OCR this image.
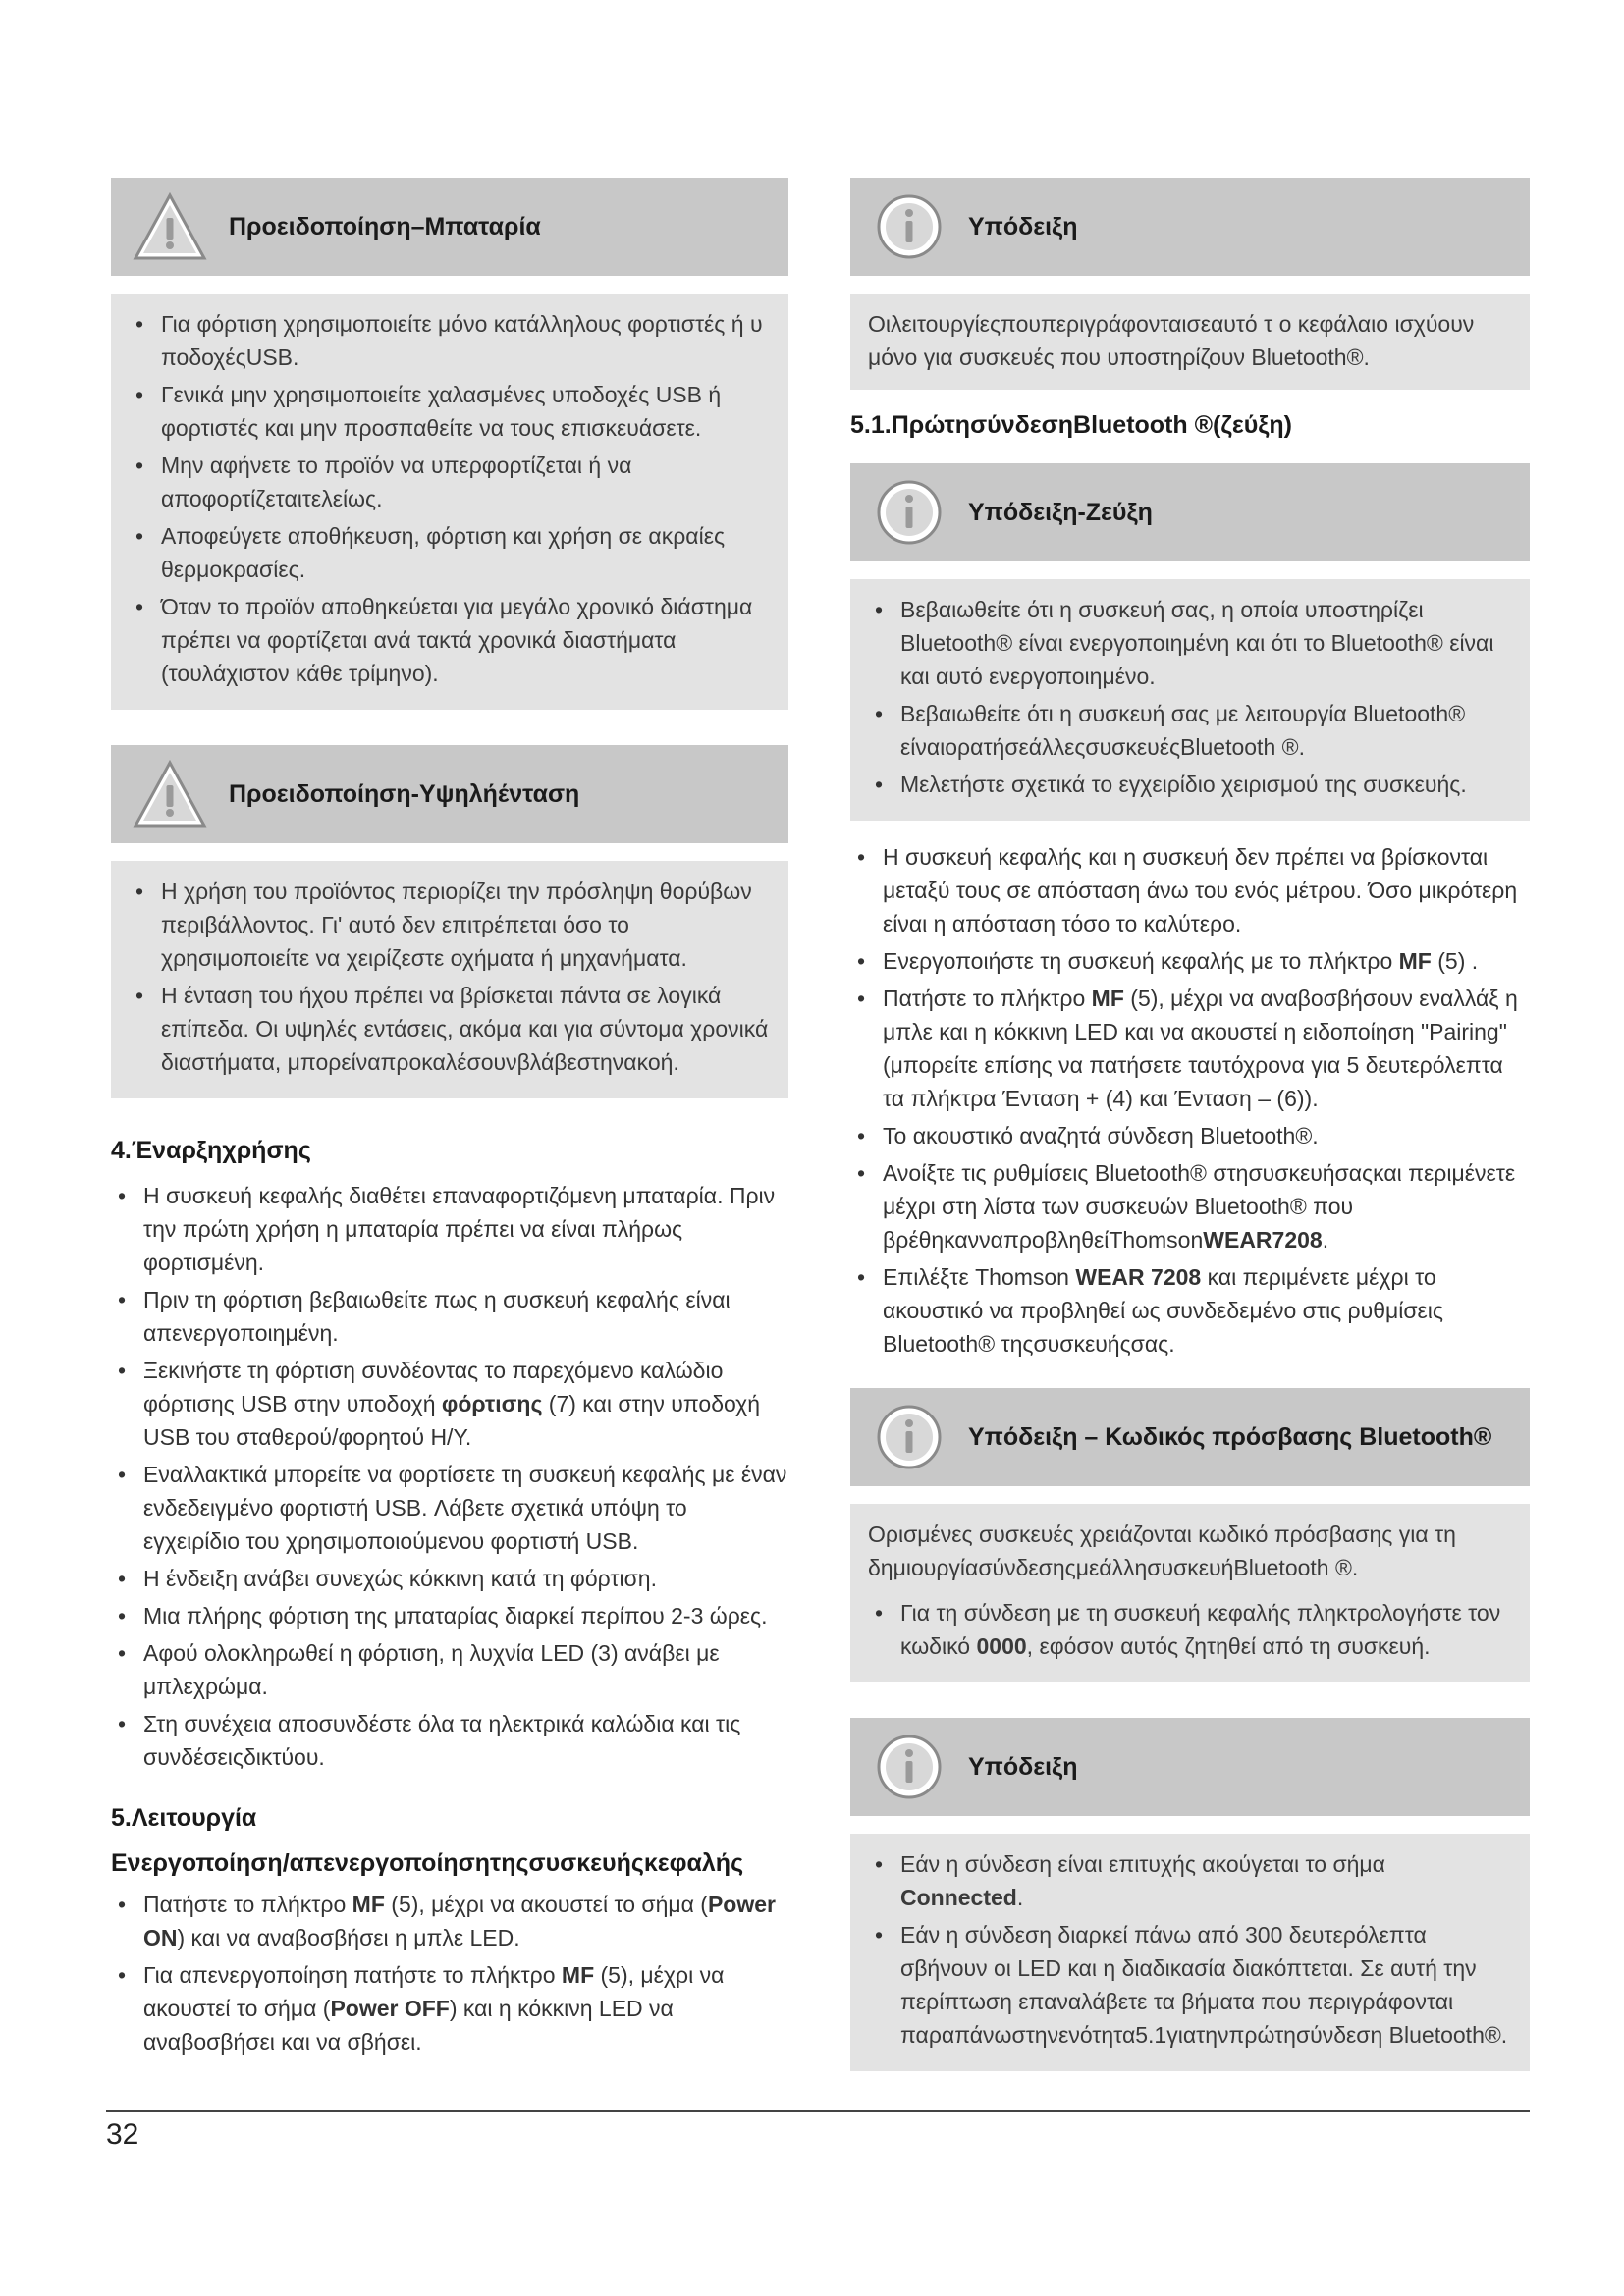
Προειδοποίηση–Μπαταρία
• Για φόρτιση χρησιμοποιείτε μόνο κατάλληλους φορτιστές ή υ ποδοχέςUSB.
• Γενικά μην χρησιμοποιείτε χαλασμένες υποδοχές USB ή φορτιστές και μην προσπαθείτε να τους επισκευάσετε.
• Μην αφήνετε το προϊόν να υπερφορτίζεται ή να αποφορτίζεταιτελείως.
• Αποφεύγετε αποθήκευση, φόρτιση και χρήση σε ακραίες θερμοκρασίες.
• Όταν το προϊόν αποθηκεύεται για μεγάλο χρονικό διάστημα πρέπει να φορτίζεται ανά τακτά χρονικά διαστήματα (τουλάχιστον κάθε τρίμηνο).
Προειδοποίηση-Υψηλήένταση
• Η χρήση του προϊόντος περιορίζει την πρόσληψη θορύβων περιβάλλοντος. Γι' αυτό δεν επιτρέπεται όσο το χρησιμοποιείτε να χειρίζεστε οχήματα ή μηχανήματα.
• Η ένταση του ήχου πρέπει να βρίσκεται πάντα σε λογικά επίπεδα. Οι υψηλές εντάσεις, ακόμα και για σύντομα χρονικά διαστήματα, μπορείναπροκαλέσουνβλάβεστηνακοή.
4.Έναρξηχρήσης
• Η συσκευή κεφαλής διαθέτει επαναφορτιζόμενη μπαταρία. Πριν την πρώτη χρήση η μπαταρία πρέπει να είναι πλήρως φορτισμένη.
• Πριν τη φόρτιση βεβαιωθείτε πως η συσκευή κεφαλής είναι απενεργοποιημένη.
• Ξεκινήστε τη φόρτιση συνδέοντας το παρεχόμενο καλώδιο φόρτισης USB στην υποδοχή φόρτισης (7) και στην υποδοχή USB του σταθερού/φορητού Η/Υ.
• Εναλλακτικά μπορείτε να φορτίσετε τη συσκευή κεφαλής με έναν ενδεδειγμένο φορτιστή USB. Λάβετε σχετικά υπόψη το εγχειρίδιο του χρησιμοποιούμενου φορτιστή USB.
• Η ένδειξη ανάβει συνεχώς κόκκινη κατά τη φόρτιση.
• Μια πλήρης φόρτιση της μπαταρίας διαρκεί περίπου 2-3 ώρες.
• Αφού ολοκληρωθεί η φόρτιση, η λυχνία LED (3) ανάβει με μπλεχρώμα.
• Στη συνέχεια αποσυνδέστε όλα τα ηλεκτρικά καλώδια και τις συνδέσειςδικτύου.
5.Λειτουργία
Ενεργοποίηση/απενεργοποίησητηςσυσκευήςκεφαλής
• Πατήστε το πλήκτρο MF (5), μέχρι να ακουστεί το σήμα (Power ON) και να αναβοσβήσει η μπλε LED.
• Για απενεργοποίηση πατήστε το πλήκτρο MF (5), μέχρι να ακουστεί το σήμα (Power OFF) και η κόκκινη LED να αναβοσβήσει και να σβήσει.
Υπόδειξη

Οιλειτουργίεςπουπεριγράφονταισεαυτό τ ο κεφάλαιο ισχύουν μόνο για συσκευές που υποστηρίζουν Bluetooth®.

5.1.ΠρώτησύνδεσηBluetooth ®(ζεύξη)
Υπόδειξη-Ζεύξη
• Βεβαιωθείτε ότι η συσκευή σας, η οποία υποστηρίζει Bluetooth® είναι ενεργοποιημένη και ότι το Bluetooth® είναι και αυτό ενεργοποιημένο.
• Βεβαιωθείτε ότι η συσκευή σας με λειτουργία Bluetooth® είναιορατήσεάλλεςσυσκευέςBluetooth ®.
• Μελετήστε σχετικά το εγχειρίδιο χειρισμού της συσκευής.
• Η συσκευή κεφαλής και η συσκευή δεν πρέπει να βρίσκονται μεταξύ τους σε απόσταση άνω του ενός μέτρου. Όσο μικρότερη είναι η απόσταση τόσο το καλύτερο.
• Ενεργοποιήστε τη συσκευή κεφαλής με το πλήκτρο MF (5) .
• Πατήστε το πλήκτρο MF (5), μέχρι να αναβοσβήσουν εναλλάξ η μπλε και η κόκκινη LED και να ακουστεί η ειδοποίηση "Pairing" (μπορείτε επίσης να πατήσετε ταυτόχρονα για 5 δευτερόλεπτα τα πλήκτρα Ένταση + (4) και Ένταση – (6)).
• Το ακουστικό αναζητά σύνδεση Bluetooth®.
• Ανοίξτε τις ρυθμίσεις Bluetooth® στησυσκευήσαςκαι περιμένετε μέχρι στη λίστα των συσκευών Bluetooth® που βρέθηκανναπροβληθείThomsonWEAR7208.
• Επιλέξτε Thomson WEAR 7208 και περιμένετε μέχρι το ακουστικό να προβληθεί ως συνδεδεμένο στις ρυθμίσεις Bluetooth® τηςσυσκευήςσας.
Υπόδειξη – Κωδικός πρόσβασης Bluetooth®

Ορισμένες συσκευές χρειάζονται κωδικό πρόσβασης για τη δημιουργίασύνδεσηςμεάλλησυσκευήBluetooth ®.

• Για τη σύνδεση με τη συσκευή κεφαλής πληκτρολογήστε τον κωδικό 0000, εφόσον αυτός ζητηθεί από τη συσκευή.
Υπόδειξη
• Εάν η σύνδεση είναι επιτυχής ακούγεται το σήμα Connected.
• Εάν η σύνδεση διαρκεί πάνω από 300 δευτερόλεπτα σβήνουν οι LED και η διαδικασία διακόπτεται. Σε αυτή την περίπτωση επαναλάβετε τα βήματα που περιγράφονται παραπάνωστηνενότητα5.1γιατηνπρώτησύνδεση Bluetooth®.
32
